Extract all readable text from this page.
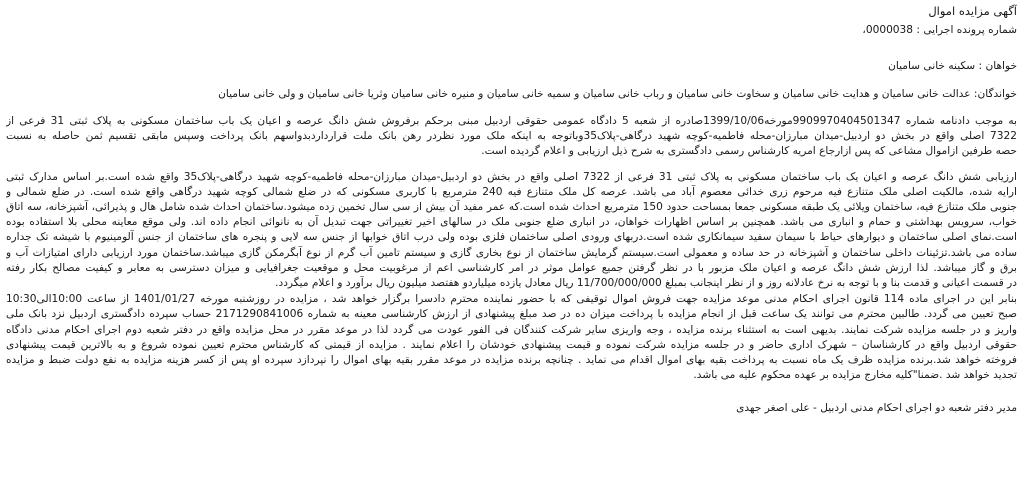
آگهی مزایده اموال
شماره پرونده اجرایی : 0000038،
خواهان : سکینه خانی سامیان
خواندگان: عدالت خانی سامیان و هدایت خانی سامیان و سخاوت خانی سامیان و رباب خانی سامیان و سمیه خانی سامیان و منیره خانی سامیان وثریا خانی سامیان و ولی خانی سامیان
به موجب دادنامه شماره 9909970404501347مورخه1399/10/06صادره از شعبه 5 دادگاه عمومی حقوقی اردبیل مبنی برحکم برفروش شش دانگ عرصه و اعیان یک باب ساختمان مسکونی به پلاک ثبتی 31 فرعی از
7322 اصلی واقع در بخش دو اردبیل-میدان مبارزان-محله فاطمیه-کوچه شهید درگاهی-پلاک35وباتوجه به اینکه ملک مورد نظردر رهن بانک ملت قرارداردبدواسهم بانک پرداخت وسپس مابقی تقسیم ثمن حاصله به نسبت
حصه طرفین ازاموال مشاعی که پس ازارجاع امریه کارشناس رسمی دادگستری به شرح ذیل ارزیابی و اعلام گردیده است.
ارزیابی شش دانگ عرصه و اعیان یک باب ساختمان مسکونی به پلاک ثبتی 31 فرعی از 7322 اصلی واقع در بخش دو اردبیل-میدان مبارزان-محله فاطمیه-کوچه شهید درگاهی-پلاک35 واقع شده است.بر اساس مدارک ثبتی
ارایه شده، مالکیت اصلی ملک متنازع فیه مرحوم زری خدائی معصوم آباد می باشد. عرصه کل ملک متنازع فیه 240 مترمربع با کاربری مسکونی که در ضلع شمالی کوچه شهید درگاهی واقع شده است. در ضلع شمالی و
جنوبی ملک متنازع فیه، ساختمان ویلائی یک طبقه مسکونی جمعا بمساحت حدود 150 مترمربع احداث شده است.که عمر مفید آن بیش از سی سال تخمین زده میشود.ساختمان احداث شده شامل هال و پذیرائی، آشپزخانه، سه اتاق
خواب، سرویس بهداشتی و حمام و انباری می باشد. همچنین بر اساس اظهارات خواهان، در انباری ضلع جنوبی ملک در سالهای اخیر تغییراتی جهت تبدیل آن به نانوائی انجام داده اند. ولی موقع معاینه محلی بلا استفاده بوده
است.نمای اصلی ساختمان و دیوارهای حیاط با سیمان سفید سیمانکاری شده است.دربهای ورودی اصلی ساختمان فلزی بوده ولی درب اتاق خوابها از جنس سه لایی و پنجره های ساختمان از جنس آلومینیوم با شیشه تک جداره
ساده می باشد.تزئینات داخلی ساختمان و آشپزخانه در حد ساده و معمولی است.سیستم گرمایش ساختمان از نوع بخاری گازی و سیستم تامین آب گرم از نوع آبگرمکن گازی میباشد.ساختمان مورد ارزیابی دارای امتیازات آب و
برق و گاز میباشد. لذا ارزش شش دانگ عرصه و اعیان ملک مزبور با در نظر گرفتن جمیع عوامل موثر در امر کارشناسی اعم از مرغوبیت محل و موقعیت جغرافیایی و میزان دسترسی به معابر و کیفیت مصالح بکار رفته
در قسمت اعیانی و قدمت بنا و با توجه به نرخ عادلانه روز و از نظر اینجانب بمبلغ 11/700/000/000 ریال معادل یازده میلیاردو هفتصد میلیون ریال برآورد و اعلام میگردد.
بنابر این در اجرای ماده 114 قانون اجرای احکام مدنی موعد مزایده جهت فروش اموال توقیفی که با حضور نماینده محترم دادسرا برگزار خواهد شد ، مزایده در روزشنبه مورخه 1401/01/27 از ساعت 10:00الی10:30
صبح تعیین می گردد. طالبین محترم می توانند یک ساعت قبل از انجام مزایده با پرداخت میزان ده در صد مبلغ پیشنهادی از ارزش کارشناسی معینه به شماره 2171290841006 حساب سپرده دادگستری اردبیل نزد بانک ملی
واریز و در جلسه مزایده شرکت نمایند. بدیهی است به استثناء برنده مزایده ، وجه واریزی سایر شرکت کنندگان فی الفور عودت می گردد لذا در موعد مقرر در محل مزایده واقع در دفتر شعبه دوم اجرای احکام مدنی دادگاه
حقوقی اردبیل واقع در کارشناسان – شهرک اداری حاضر و در جلسه مزایده شرکت نموده و قیمت پیشنهادی خودشان را اعلام نمایند . مزایده از قیمتی که کارشناس محترم تعیین نموده شروع و به بالاترین قیمت پیشنهادی
فروخته خواهد شد.برنده مزایده ظرف یک ماه نسبت به پرداخت بقیه بهای اموال اقدام می نماید . چنانچه برنده مزایده در موعد مقرر بقیه بهای اموال را نپردازد سپرده او پس از کسر هزینه مزایده به نفع دولت ضبط و مزایده
تجدید خواهد شد .ضمنا"کلیه مخارج مزایده بر عهده محکوم علیه می باشد.
مدیر دفتر شعبه دو اجرای احکام مدنی اردبیل - علی اصغر جهدی
